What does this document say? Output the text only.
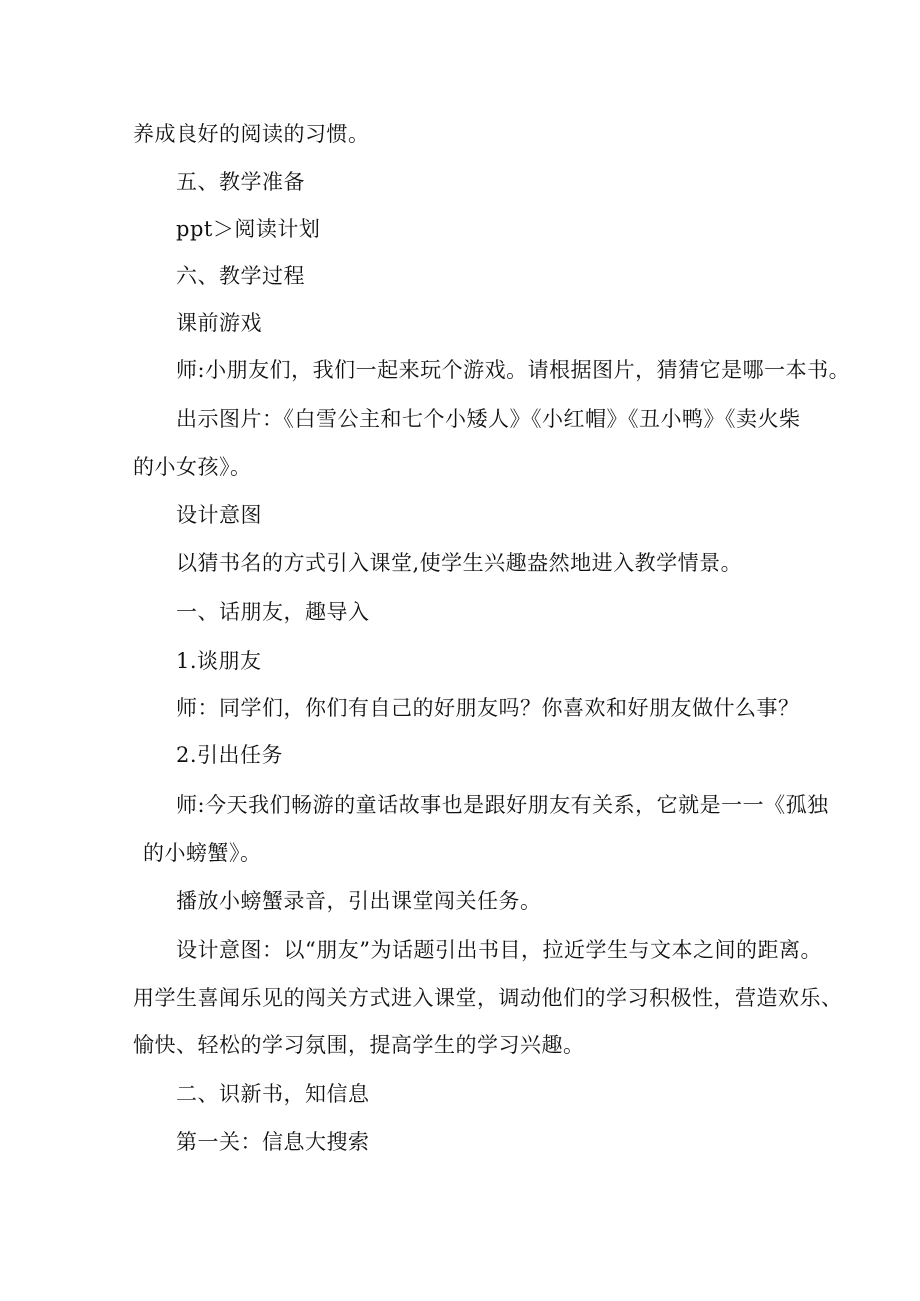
养成良好的阅读的习惯。
五、教学准备
ppt＞阅读计划
六、教学过程
课前游戏
师:小朋友们，我们一起来玩个游戏。请根据图片，猜猜它是哪一本书。
出示图片：《白雪公主和七个小矮人》《小红帽》《丑小鸭》《卖火柴
的小女孩》。
设计意图
以猜书名的方式引入课堂,使学生兴趣盎然地进入教学情景。
一、话朋友，趣导入
1.谈朋友
师：同学们，你们有自己的好朋友吗？你喜欢和好朋友做什么事？
2.引出任务
师:今天我们畅游的童话故事也是跟好朋友有关系，它就是一一《孤独
的小螃蟹》。
播放小螃蟹录音，引出课堂闯关任务。
设计意图：以“朋友”为话题引出书目，拉近学生与文本之间的距离。
用学生喜闻乐见的闯关方式进入课堂，调动他们的学习积极性，营造欢乐、
愉快、轻松的学习氛围，提高学生的学习兴趣。
二、识新书，知信息
第一关：信息大搜索
